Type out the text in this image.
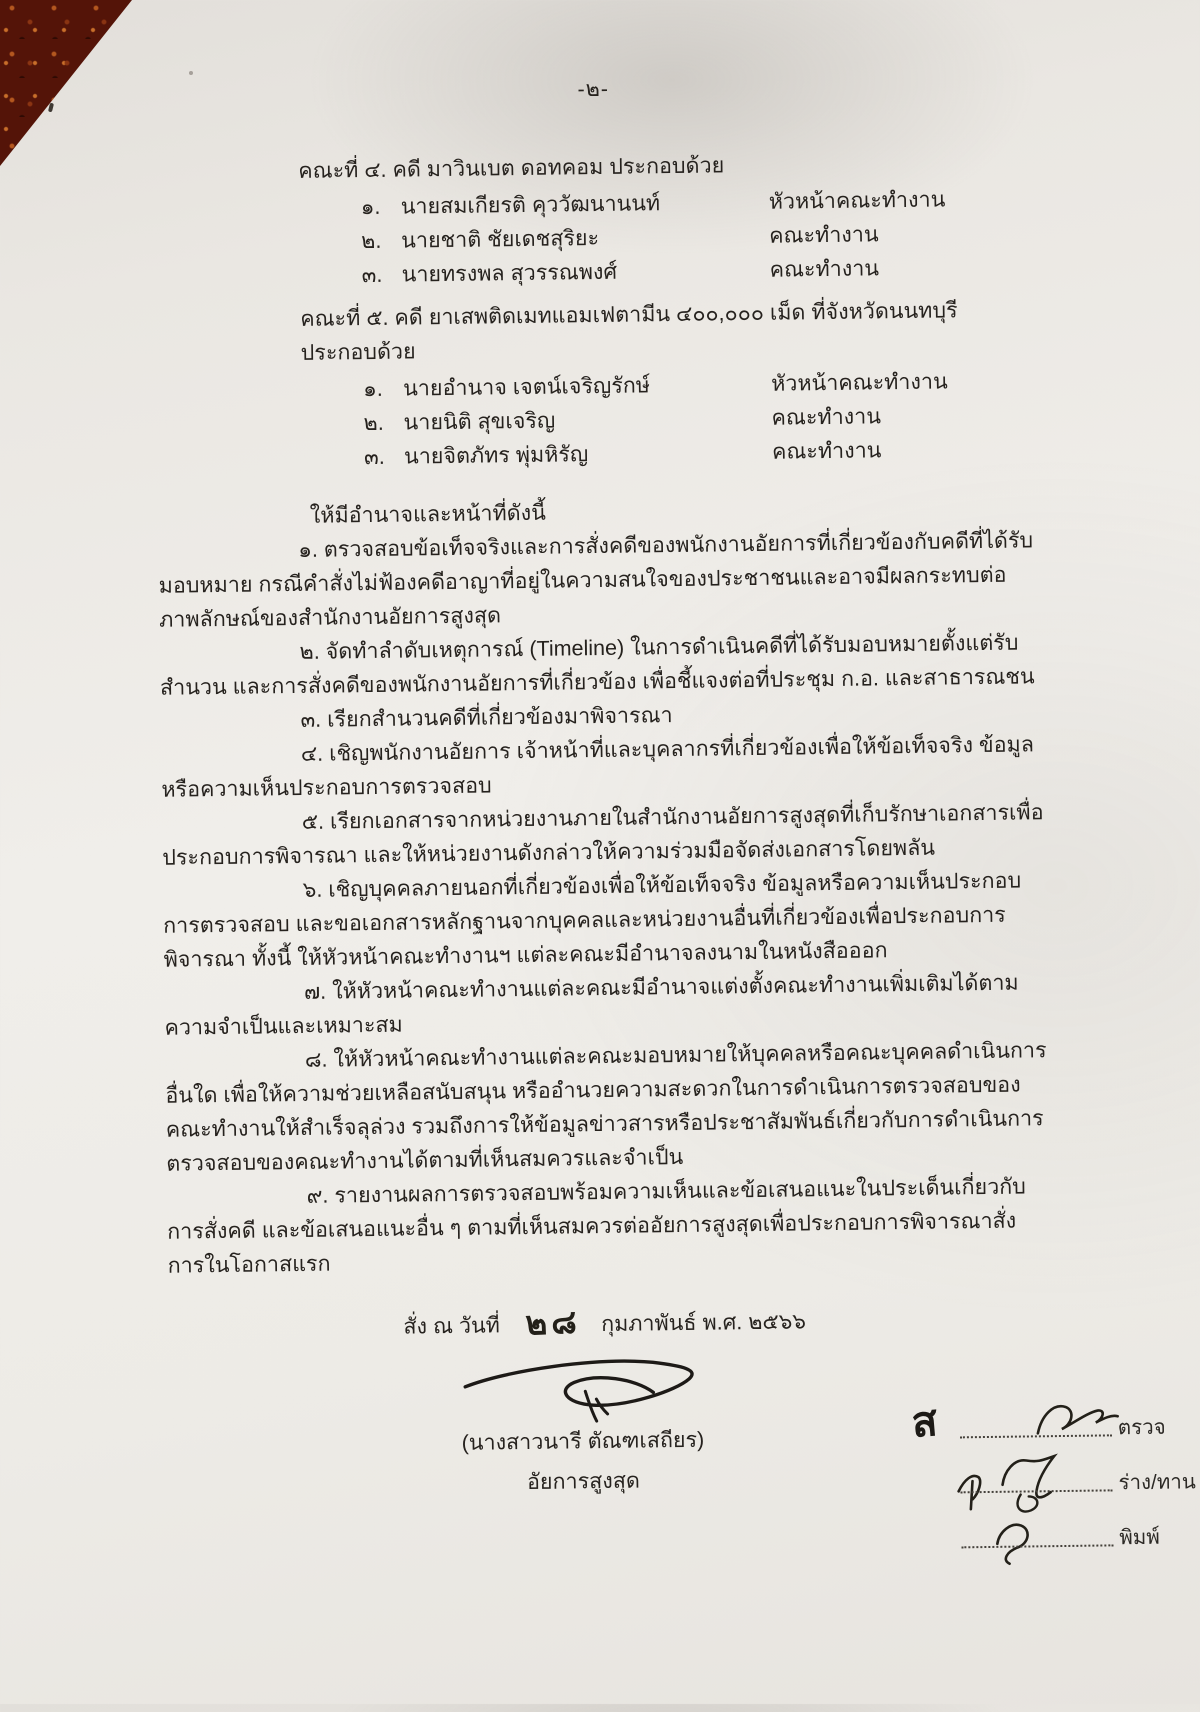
-๒-

คณะที่ ๔. คดี มาวินเบต ดอทคอม ประกอบด้วย

๑. นายสมเกียรติ คุววัฒนานนท์	หัวหน้าคณะทำงาน
๒. นายชาติ ชัยเดชสุริยะ	คณะทำงาน
๓. นายทรงพล สุวรรณพงศ์	คณะทำงาน

คณะที่ ๕. คดี ยาเสพติดเมทแอมเฟตามีน ๔๐๐,๐๐๐ เม็ด ที่จังหวัดนนทบุรี ประกอบด้วย

๑. นายอำนาจ เจตน์เจริญรักษ์	หัวหน้าคณะทำงาน
๒. นายนิติ สุขเจริญ	คณะทำงาน
๓. นายจิตภัทร พุ่มหิรัญ	คณะทำงาน

ให้มีอำนาจและหน้าที่ดังนี้

๑. ตรวจสอบข้อเท็จจริงและการสั่งคดีของพนักงานอัยการที่เกี่ยวข้องกับคดีที่ได้รับมอบหมาย กรณีคำสั่งไม่ฟ้องคดีอาญาที่อยู่ในความสนใจของประชาชนและอาจมีผลกระทบต่อภาพลักษณ์ของสำนักงานอัยการสูงสุด

๒. จัดทำลำดับเหตุการณ์ (Timeline) ในการดำเนินคดีที่ได้รับมอบหมายตั้งแต่รับสำนวน และการสั่งคดีของพนักงานอัยการที่เกี่ยวข้อง เพื่อชี้แจงต่อที่ประชุม ก.อ. และสาธารณชน

๓. เรียกสำนวนคดีที่เกี่ยวข้องมาพิจารณา

๔. เชิญพนักงานอัยการ เจ้าหน้าที่และบุคลากรที่เกี่ยวข้องเพื่อให้ข้อเท็จจริง ข้อมูลหรือความเห็นประกอบการตรวจสอบ

๕. เรียกเอกสารจากหน่วยงานภายในสำนักงานอัยการสูงสุดที่เก็บรักษาเอกสารเพื่อประกอบการพิจารณา และให้หน่วยงานดังกล่าวให้ความร่วมมือจัดส่งเอกสารโดยพลัน

๖. เชิญบุคคลภายนอกที่เกี่ยวข้องเพื่อให้ข้อเท็จจริง ข้อมูลหรือความเห็นประกอบการตรวจสอบ และขอเอกสารหลักฐานจากบุคคลและหน่วยงานอื่นที่เกี่ยวข้องเพื่อประกอบการพิจารณา ทั้งนี้ ให้หัวหน้าคณะทำงานฯ แต่ละคณะมีอำนาจลงนามในหนังสือออก

๗. ให้หัวหน้าคณะทำงานแต่ละคณะมีอำนาจแต่งตั้งคณะทำงานเพิ่มเติมได้ตามความจำเป็นและเหมาะสม

๘. ให้หัวหน้าคณะทำงานแต่ละคณะมอบหมายให้บุคคลหรือคณะบุคคลดำเนินการอื่นใด เพื่อให้ความช่วยเหลือสนับสนุน หรืออำนวยความสะดวกในการดำเนินการตรวจสอบของคณะทำงานให้สำเร็จลุล่วง รวมถึงการให้ข้อมูลข่าวสารหรือประชาสัมพันธ์เกี่ยวกับการดำเนินการตรวจสอบของคณะทำงานได้ตามที่เห็นสมควรและจำเป็น

๙. รายงานผลการตรวจสอบพร้อมความเห็นและข้อเสนอแนะในประเด็นเกี่ยวกับการสั่งคดี และข้อเสนอแนะอื่น ๆ ตามที่เห็นสมควรต่ออัยการสูงสุดเพื่อประกอบการพิจารณาสั่งการในโอกาสแรก

สั่ง ณ วันที่ ๒๘ กุมภาพันธ์ พ.ศ. ๒๕๖๖

(นางสาวนารี ตัณฑเสถียร)

อัยการสูงสุด

ส	ตรวจ
ร่าง/ทาน
พิมพ์
